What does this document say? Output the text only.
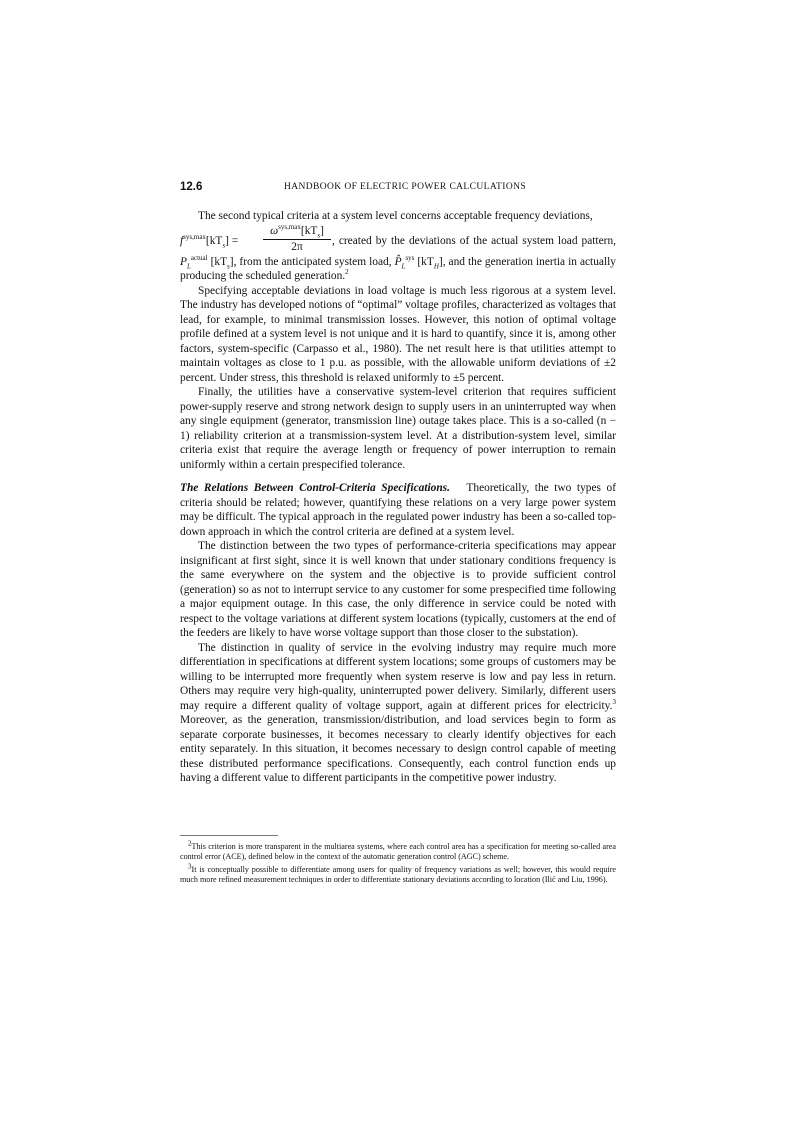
12.6	HANDBOOK OF ELECTRIC POWER CALCULATIONS

The second typical criteria at a system level concerns acceptable frequency deviations,

$f^{sys,max}[kT_s]$ =
$\omega^{sys,max}[kT_s]$
2π	, created by the deviations of the actual system load pattern,

$P_L^{actual}$ $[kT_s]$, from the anticipated system load, $P̂_L^{sys}$ $[kT_H]$, and the generation inertia in actually producing the scheduled generation.$^2$

Specifying acceptable deviations in load voltage is much less rigorous at a system level. The industry has developed notions of “optimal” voltage profiles, characterized as voltages that lead, for example, to minimal transmission losses. However, this notion of optimal voltage profile defined at a system level is not unique and it is hard to quantify, since it is, among other factors, system-specific (Carpasso et al., 1980). The net result here is that utilities attempt to maintain voltages as close to 1 p.u. as possible, with the allowable uniform deviations of ±2 percent. Under stress, this threshold is relaxed uniformly to ±5 percent.

Finally, the utilities have a conservative system-level criterion that requires sufficient power-supply reserve and strong network design to supply users in an uninterrupted way when any single equipment (generator, transmission line) outage takes place. This is a so-called (n − 1) reliability criterion at a transmission-system level. At a distribution-system level, similar criteria exist that require the average length or frequency of power interruption to remain uniformly within a certain prespecified tolerance.

The Relations Between Control-Criteria Specifications. Theoretically, the two types of criteria should be related; however, quantifying these relations on a very large power system may be difficult. The typical approach in the regulated power industry has been a so-called top-down approach in which the control criteria are defined at a system level.

The distinction between the two types of performance-criteria specifications may appear insignificant at first sight, since it is well known that under stationary conditions frequency is the same everywhere on the system and the objective is to provide sufficient control (generation) so as not to interrupt service to any customer for some prespecified time following a major equipment outage. In this case, the only difference in service could be noted with respect to the voltage variations at different system locations (typically, customers at the end of the feeders are likely to have worse voltage support than those closer to the substation).

The distinction in quality of service in the evolving industry may require much more differentiation in specifications at different system locations; some groups of customers may be willing to be interrupted more frequently when system reserve is low and pay less in return. Others may require very high-quality, uninterrupted power delivery. Similarly, different users may require a different quality of voltage support, again at different prices for electricity.$^3$ Moreover, as the generation, transmission/distribution, and load services begin to form as separate corporate businesses, it becomes necessary to clearly identify objectives for each entity separately. In this situation, it becomes necessary to design control capable of meeting these distributed performance specifications. Consequently, each control function ends up having a different value to different participants in the competitive power industry.

$^2$This criterion is more transparent in the multiarea systems, where each control area has a specification for meeting so-called area control error (ACE), defined below in the context of the automatic generation control (AGC) scheme.

$^3$It is conceptually possible to differentiate among users for quality of frequency variations as well; however, this would require much more refined measurement techniques in order to differentiate stationary deviations according to location (Ilić and Liu, 1996).
